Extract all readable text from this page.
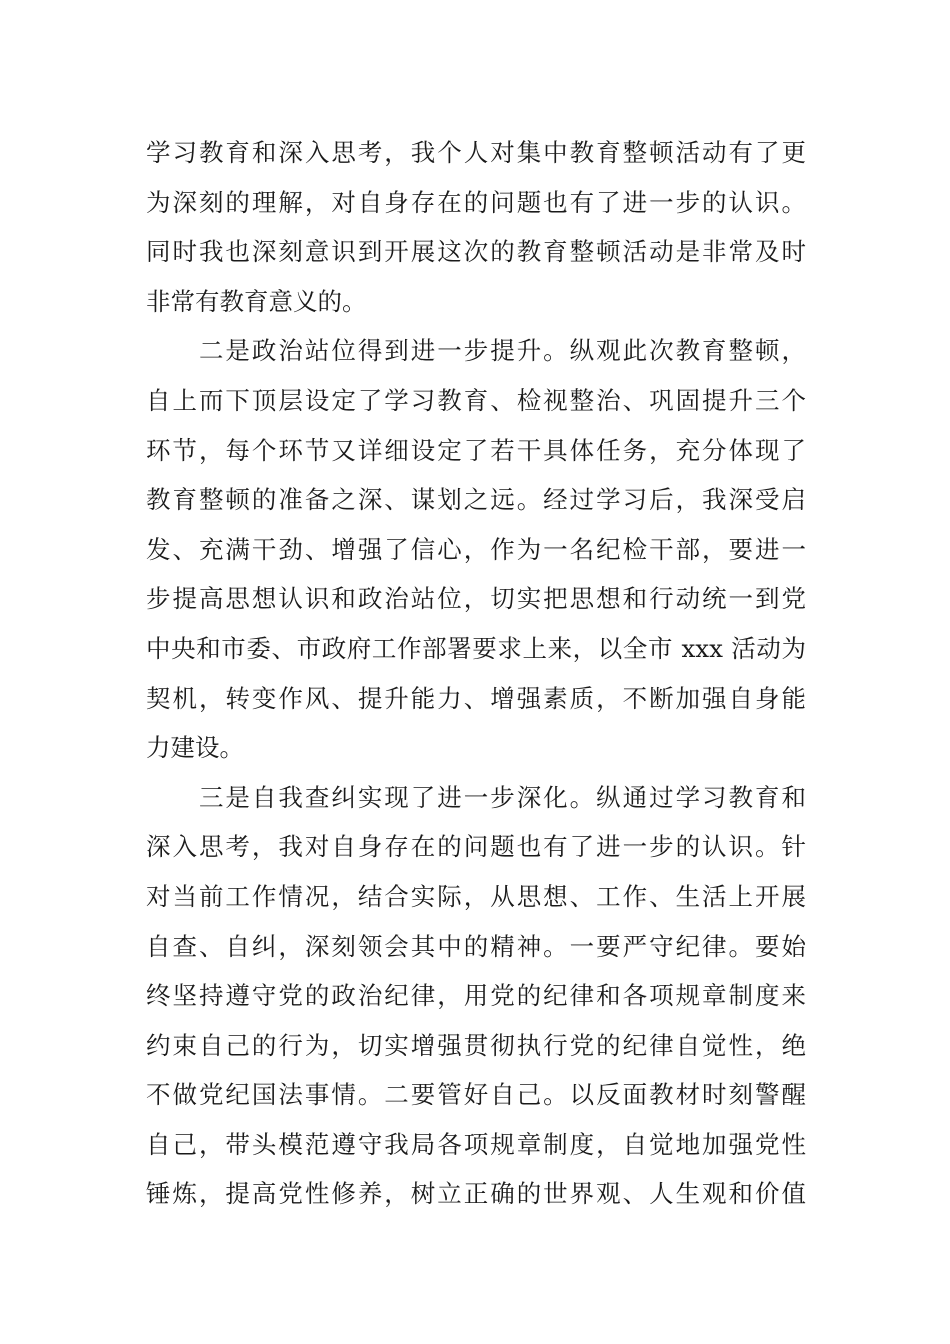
学习教育和深入思考，我个人对集中教育整顿活动有了更
为深刻的理解，对自身存在的问题也有了进一步的认识。
同时我也深刻意识到开展这次的教育整顿活动是非常及时
非常有教育意义的。

　　二是政治站位得到进一步提升。纵观此次教育整顿，
自上而下顶层设定了学习教育、检视整治、巩固提升三个
环节，每个环节又详细设定了若干具体任务，充分体现了
教育整顿的准备之深、谋划之远。经过学习后，我深受启
发、充满干劲、增强了信心，作为一名纪检干部，要进一
步提高思想认识和政治站位，切实把思想和行动统一到党
中央和市委、市政府工作部署要求上来，以全市 xxx 活动为
契机，转变作风、提升能力、增强素质，不断加强自身能
力建设。

　　三是自我查纠实现了进一步深化。纵通过学习教育和
深入思考，我对自身存在的问题也有了进一步的认识。针
对当前工作情况，结合实际，从思想、工作、生活上开展
自查、自纠，深刻领会其中的精神。一要严守纪律。要始
终坚持遵守党的政治纪律，用党的纪律和各项规章制度来
约束自己的行为，切实增强贯彻执行党的纪律自觉性，绝
不做党纪国法事情。二要管好自己。以反面教材时刻警醒
自己，带头模范遵守我局各项规章制度，自觉地加强党性
锤炼，提高党性修养，树立正确的世界观、人生观和价值
